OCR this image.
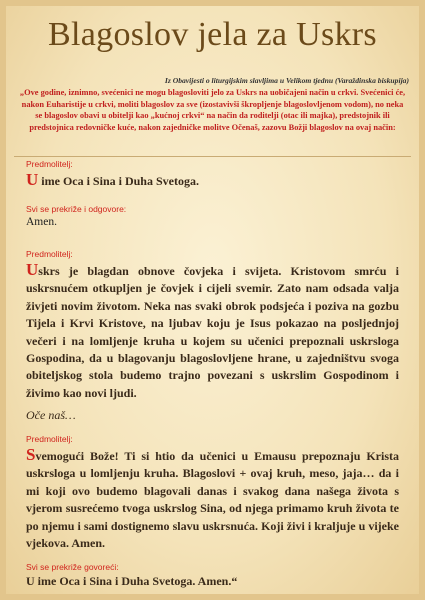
Blagoslov jela za Uskrs
Iz Obavijesti o liturgijskim slavljima u Velikom tjednu (Varaždinska biskupija)
„Ove godine, iznimno, svećenici ne mogu blagosloviti jelo za Uskrs na uobičajeni način u crkvi. Svećenici će, nakon Euharistije u crkvi, moliti blagoslov za sve (izostavivši škropljenje blagoslovljenom vodom), no neka se blagoslov obavi u obitelji kao „kućnoj crkvi“ na način da roditelji (otac ili majka), predstojnik ili predstojnica redovničke kuće, nakon zajedničke molitve Očenaš, zazovu Božji blagoslov na ovaj način:
Predmolitelj:
U ime Oca i Sina i Duha Svetoga.
Svi se prekriže i odgovore:
Amen.
Predmolitelj:
Uskrs je blagdan obnove čovjeka i svijeta. Kristovom smrću i uskrsnućem otkupljen je čovjek i cijeli svemir. Zato nam odsada valja živjeti novim životom. Neka nas svaki obrok podsjeća i poziva na gozbu Tijela i Krvi Kristove, na ljubav koju je Isus pokazao na posljednjoj večeri i na lomljenje kruha u kojem su učenici prepoznali uskrsloga Gospodina, da u blagovanju blagoslovljene hrane, u zajedništvu svoga obiteljskog stola budemo trajno povezani s uskrslim Gospodinom i živimo kao novi ljudi.
Oče naš…
Predmolitelj:
Svemogući Bože! Ti si htio da učenici u Emausu prepoznaju Krista uskrsloga u lomljenju kruha. Blagoslovi + ovaj kruh, meso, jaja… da i mi koji ovo budemo blagovali danas i svakog dana našega života s vjerom susrećemo tvoga uskrslog Sina, od njega primamo kruh života te po njemu i sami dostignemo slavu uskrsnuća. Koji živi i kraljuje u vijeke vjekova. Amen.
Svi se prekriže govoreći:
U ime Oca i Sina i Duha Svetoga. Amen.“
